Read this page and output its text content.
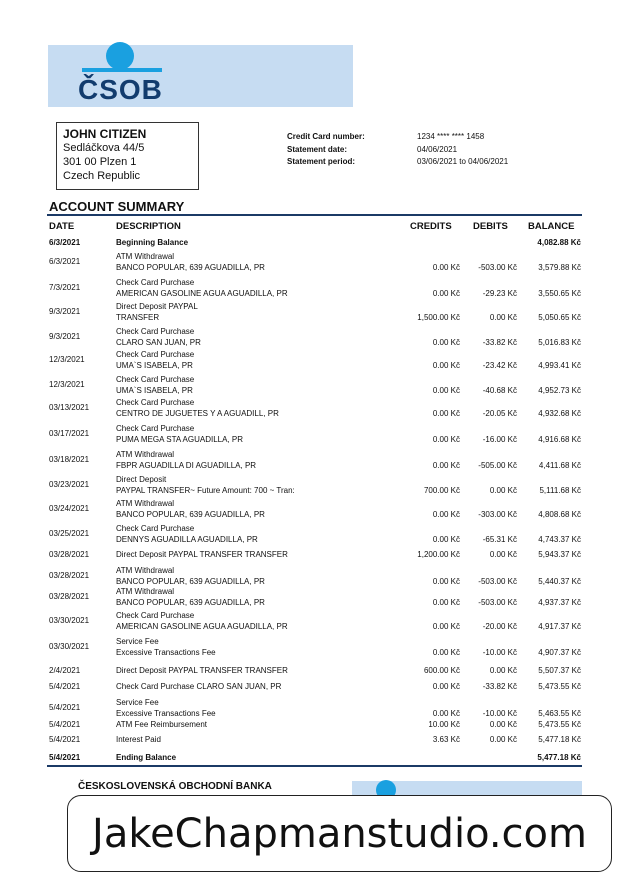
ČSOB
JOHN CITIZEN
Sedláčkova 44/5
301 00 Plzen 1
Czech Republic
Credit Card number:	1234 **** **** 1458
Statement date:	04/06/2021
Statement period:	03/06/2021 to 04/06/2021
ACCOUNT SUMMARY
DATE	DESCRIPTION	CREDITS DEBITS BALANCE
6/3/2021	Beginning Balance	4,082.88 Kč
6/3/2021
ATM Withdrawal
BANCO POPULAR, 639 AGUADILLA, PR	0.00 Kč -503.00 Kč	3,579.88 Kč
7/3/2021
Check Card Purchase
AMERICAN GASOLINE AGUA AGUADILLA, PR	0.00 Kč	-29.23 Kč	3,550.65 Kč
9/3/2021
Direct Deposit PAYPAL
TRANSFER	1,500.00 Kč	0.00 Kč	5,050.65 Kč
9/3/2021
Check Card Purchase
CLARO SAN JUAN, PR	0.00 Kč	-33.82 Kč	5,016.83 Kč
12/3/2021
Check Card Purchase
UMA`S ISABELA, PR	0.00 Kč	-23.42 Kč	4,993.41 Kč
12/3/2021
Check Card Purchase
UMA`S ISABELA, PR	0.00 Kč	-40.68 Kč	4,952.73 Kč
03/13/2021
Check Card Purchase
CENTRO DE JUGUETES Y A AGUADILL, PR	0.00 Kč	-20.05 Kč	4,932.68 Kč
03/17/2021
Check Card Purchase
PUMA MEGA STA AGUADILLA, PR	0.00 Kč	-16.00 Kč	4,916.68 Kč
03/18/2021
ATM Withdrawal
FBPR AGUADILLA DI AGUADILLA, PR	0.00 Kč -505.00 Kč	4,411.68 Kč
03/23/2021
Direct Deposit
PAYPAL TRANSFER~ Future Amount: 700 ~ Tran:	700.00 Kč	0.00 Kč	5,111.68 Kč
03/24/2021
ATM Withdrawal
BANCO POPULAR, 639 AGUADILLA, PR	0.00 Kč -303.00 Kč	4,808.68 Kč
03/25/2021
Check Card Purchase
DENNYS AGUADILLA AGUADILLA, PR	0.00 Kč	-65.31 Kč	4,743.37 Kč
03/28/2021	Direct Deposit PAYPAL TRANSFER TRANSFER	1,200.00 Kč	0.00 Kč	5,943.37 Kč
03/28/2021
ATM Withdrawal
BANCO POPULAR, 639 AGUADILLA, PR	0.00 Kč -503.00 Kč	5,440.37 Kč
03/28/2021
ATM Withdrawal
BANCO POPULAR, 639 AGUADILLA, PR	0.00 Kč -503.00 Kč	4,937.37 Kč
03/30/2021
Check Card Purchase
AMERICAN GASOLINE AGUA AGUADILLA, PR	0.00 Kč	-20.00 Kč	4,917.37 Kč
03/30/2021
Service Fee
Excessive Transactions Fee	0.00 Kč	-10.00 Kč	4,907.37 Kč
2/4/2021	Direct Deposit PAYPAL TRANSFER TRANSFER	600.00 Kč	0.00 Kč	5,507.37 Kč
5/4/2021	Check Card Purchase CLARO SAN JUAN, PR	0.00 Kč	-33.82 Kč	5,473.55 Kč
5/4/2021
Service Fee
Excessive Transactions Fee	0.00 Kč	-10.00 Kč	5,463.55 Kč
5/4/2021	ATM Fee Reimbursement	10.00 Kč	0.00 Kč	5,473.55 Kč
5/4/2021	Interest Paid	3.63 Kč	0.00 Kč	5,477.18 Kč
5/4/2021	Ending Balance	5,477.18 Kč
ČESKOSLOVENSKÁ OBCHODNÍ BANKA
JakeChapmanstudio.com
